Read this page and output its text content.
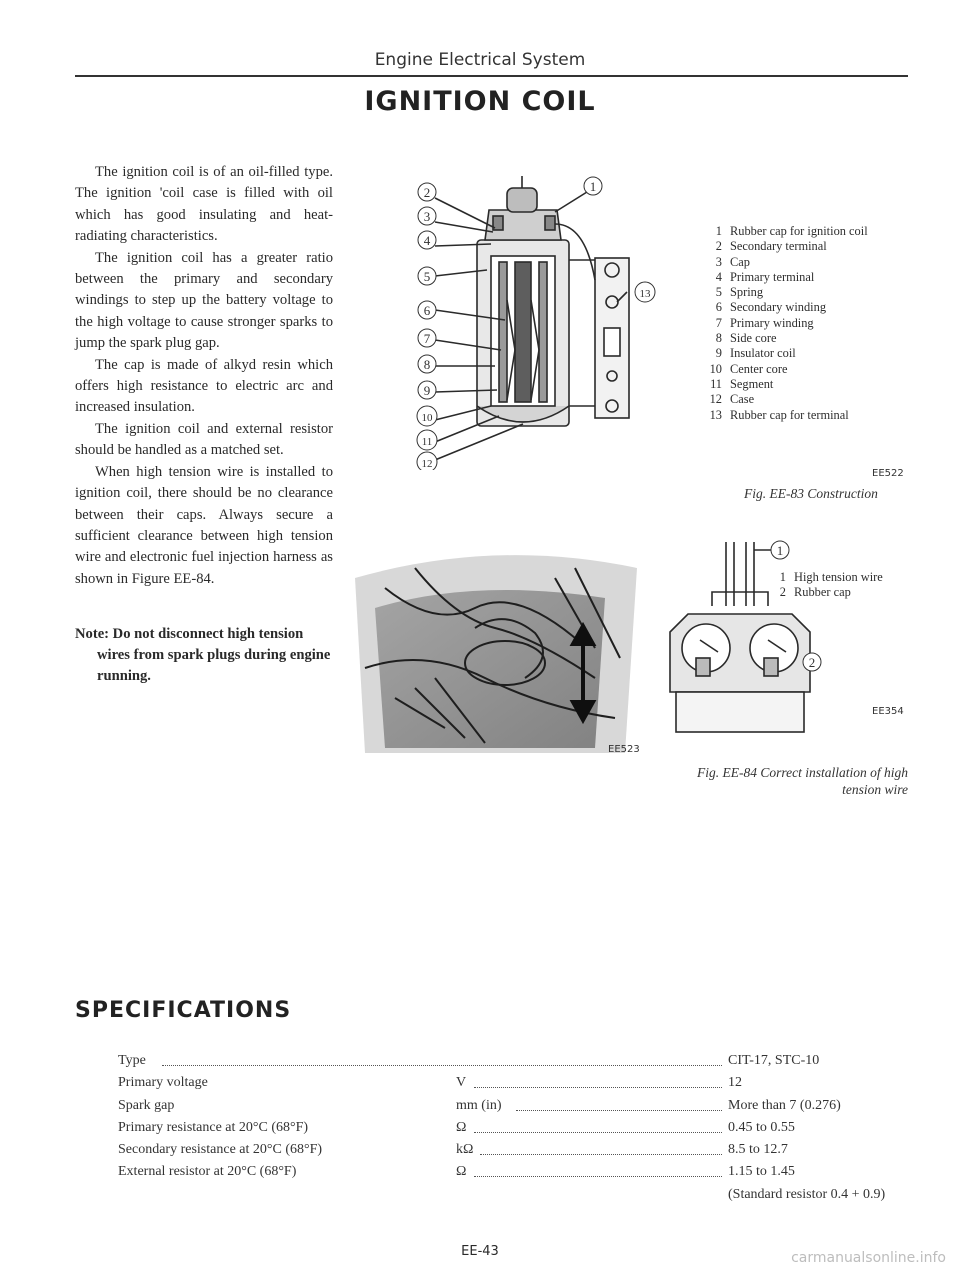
Engine Electrical System
IGNITION COIL

The ignition coil is of an oil-filled type. The ignition 'coil case is filled with oil which has good insulating and heat-radiating characteristics.

The ignition coil has a greater ratio between the primary and secondary windings to step up the battery voltage to the high voltage to cause stronger sparks to jump the spark plug gap.

The cap is made of alkyd resin which offers high resistance to electric arc and increased insulation.

The ignition coil and external resistor should be handled as a matched set.

When high tension wire is installed to ignition coil, there should be no clearance between their caps. Always secure a sufficient clearance between high tension wire and electronic fuel injection harness as shown in Figure EE-84.

Note: Do not disconnect high tension

wires from spark plugs during engine running.

2
3
4
5
6
7
8
9
10
11
12
1
13
1 Rubber cap for ignition coil
2 Secondary terminal
3 Cap
4 Primary terminal
5 Spring
6 Secondary winding
7 Primary winding
8 Side core
9 Insulator coil
10 Center core
11 Segment
12 Case
13 Rubber cap for terminal
EE522
Fig. EE-83 Construction
EE523
1
2
1 High tension wire
2 Rubber cap
EE354
Fig. EE-84 Correct installation of high
tension wire
SPECIFICATIONS
Type	CIT-17, STC-10
Primary voltage	V	12
Spark gap	mm (in)	More than 7 (0.276)
Primary resistance at 20°C (68°F)	Ω	0.45 to 0.55
Secondary resistance at 20°C (68°F)	kΩ	8.5 to 12.7
External resistor at 20°C (68°F)	Ω	1.15 to 1.45
(Standard resistor 0.4 + 0.9)
EE-43	carmanualsonline.info
